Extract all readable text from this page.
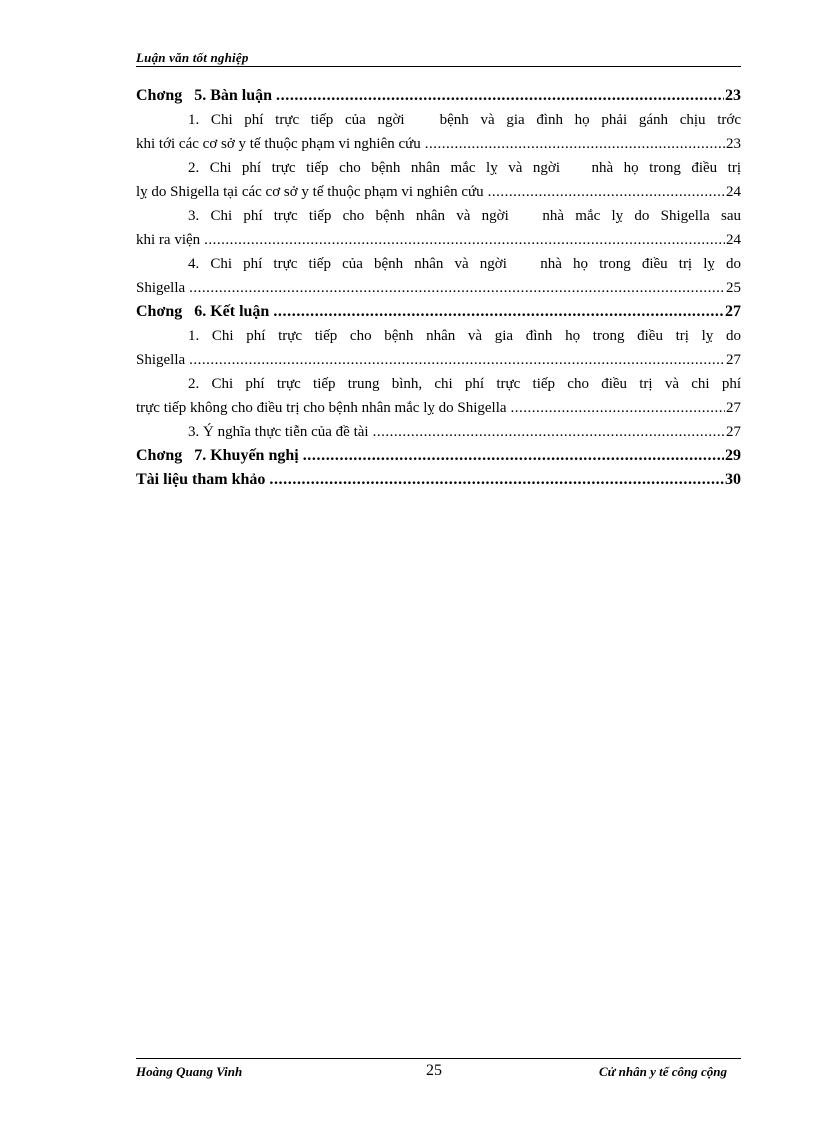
Luận văn tốt nghiệp
Chơng   5. Bàn luận .....	23
1. Chi phí trực tiếp của ngời   bệnh và gia đình họ phải gánh chịu trớc
khi tới các cơ sở y tế thuộc phạm vi nghiên cứu .....	23
2. Chi phí trực tiếp cho bệnh nhân mắc lỵ và ngời   nhà họ trong điều trị
lỵ do Shigella tại các cơ sở y tế thuộc phạm vi nghiên cứu .....	24
3. Chi phí trực tiếp cho bệnh nhân và ngời   nhà mắc lỵ do Shigella sau
khi ra viện .....	24
4. Chi phí trực tiếp của bệnh nhân và ngời   nhà họ trong điều trị lỵ do
Shigella .....	25
Chơng   6. Kết luận .....	27
1. Chi phí trực tiếp cho bệnh nhân và gia đình họ trong điều trị lỵ do
Shigella .....	27
2. Chi phí trực tiếp trung bình, chi phí trực tiếp cho điều trị và chi phí
trực tiếp không cho điều trị cho bệnh nhân mắc lỵ do Shigella .....	27
3. Ý nghĩa thực tiễn của đề tài .....	27
Chơng   7. Khuyến nghị .....	29
Tài liệu tham khảo .....	30
Hoàng Quang Vinh	25	Cử nhân y tế công cộng
